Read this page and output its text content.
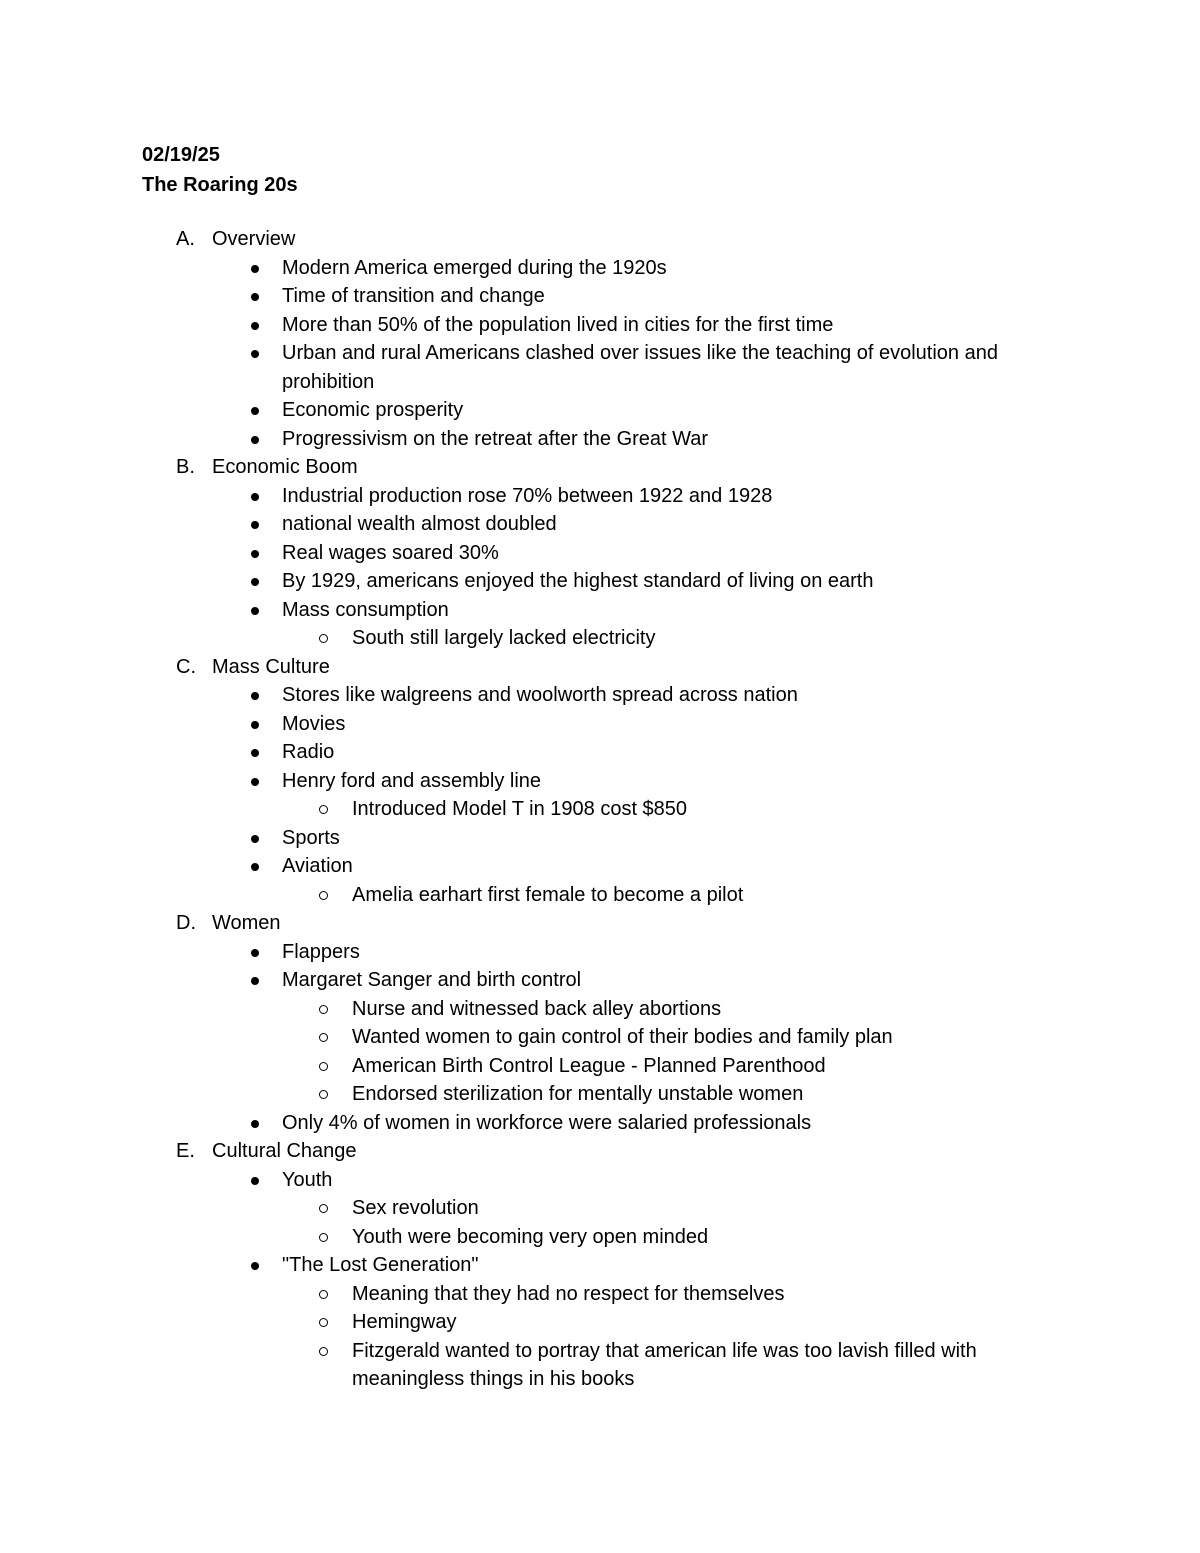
02/19/25
The Roaring 20s
A. Overview
Modern America emerged during the 1920s
Time of transition and change
More than 50% of the population lived in cities for the first time
Urban and rural Americans clashed over issues like the teaching of evolution and prohibition
Economic prosperity
Progressivism on the retreat after the Great War
B. Economic Boom
Industrial production rose 70% between 1922 and 1928
national wealth almost doubled
Real wages soared 30%
By 1929, americans enjoyed the highest standard of living on earth
Mass consumption
South still largely lacked electricity
C. Mass Culture
Stores like walgreens and woolworth spread across nation
Movies
Radio
Henry ford and assembly line
Introduced Model T in 1908 cost $850
Sports
Aviation
Amelia earhart first female to become a pilot
D. Women
Flappers
Margaret Sanger and birth control
Nurse and witnessed back alley abortions
Wanted women to gain control of their bodies and family plan
American Birth Control League - Planned Parenthood
Endorsed sterilization for mentally unstable women
Only 4% of women in workforce were salaried professionals
E. Cultural Change
Youth
Sex revolution
Youth were becoming very open minded
"The Lost Generation"
Meaning that they had no respect for themselves
Hemingway
Fitzgerald wanted to portray that american life was too lavish filled with meaningless things in his books
